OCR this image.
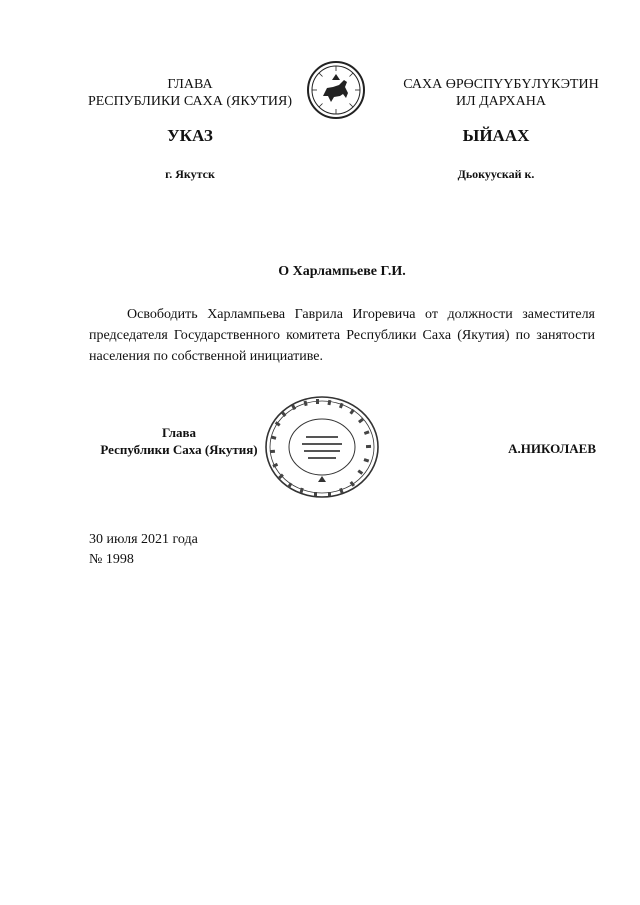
ГЛАВА
РЕСПУБЛИКИ САХА (ЯКУТИЯ)
САХА ӨРӨСПҮҮБҮЛҮКЭТИН
ИЛ ДАРХАНА
УКАЗ	ЫЙААХ
г. Якутск	Дьокуускай к.
О Харлампьеве Г.И.
Освободить Харлампьева Гаврила Игоревича от должности заместителя председателя Государственного комитета Республики Саха (Якутия) по занятости населения по собственной инициативе.
Глава
Республики Саха (Якутия)	А.НИКОЛАЕВ
30 июля 2021 года
№ 1998
